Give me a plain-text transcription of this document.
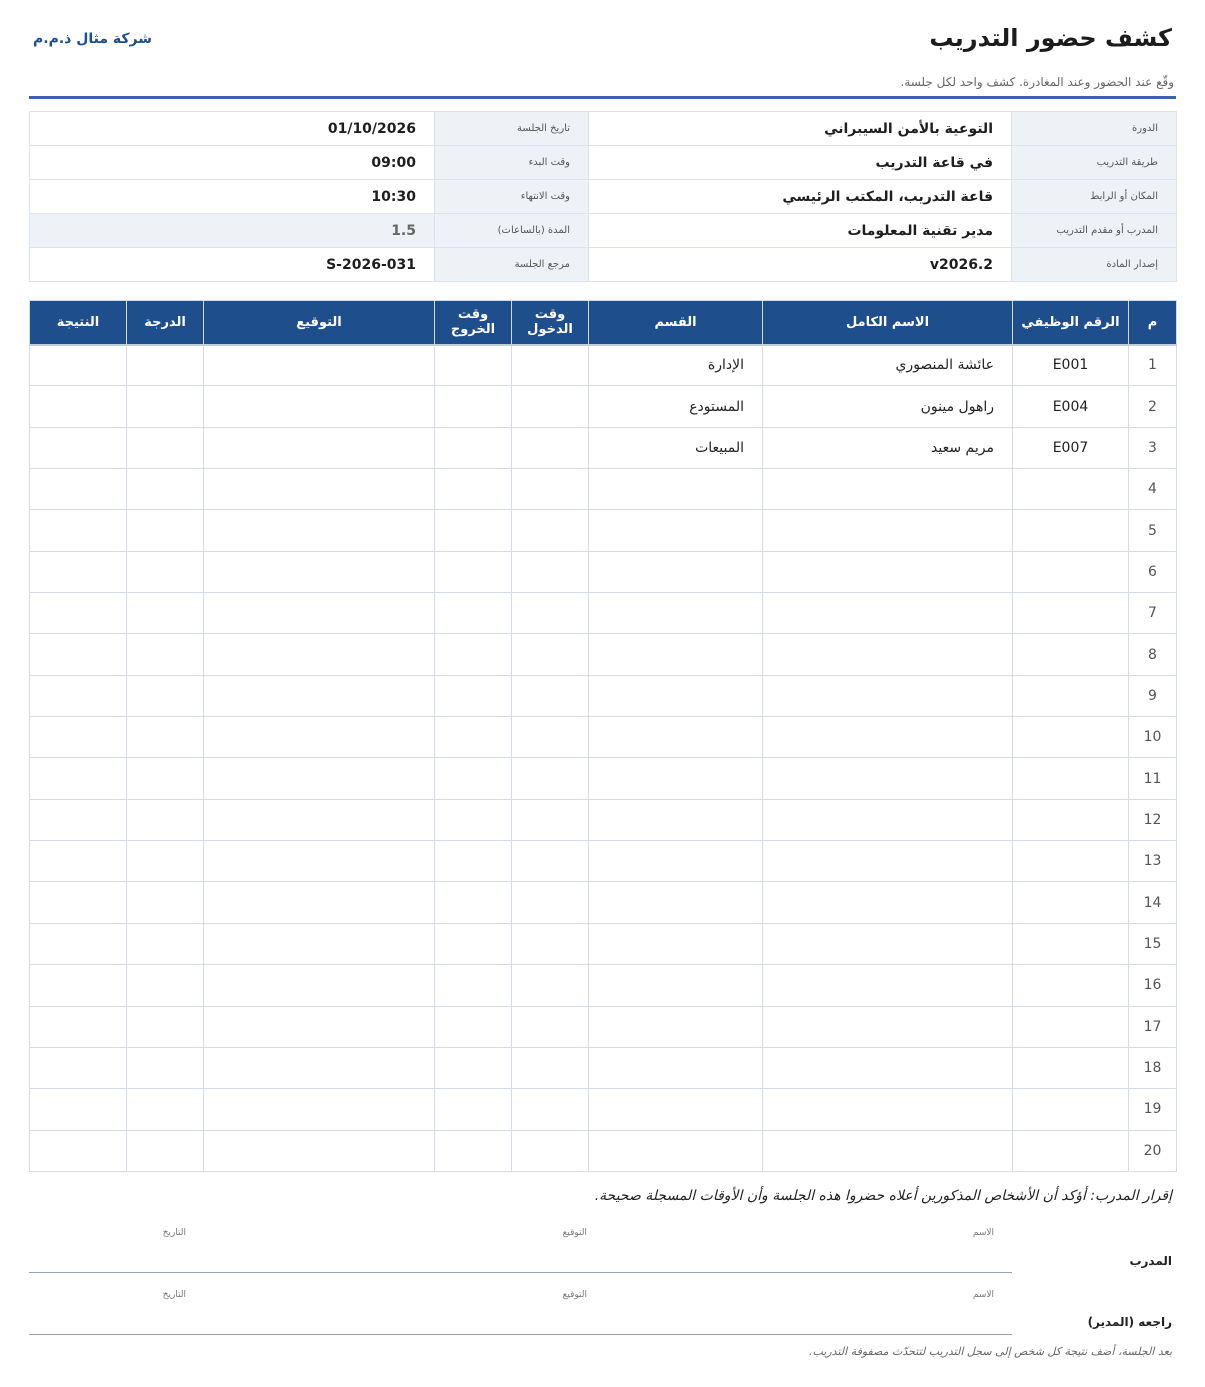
كشف حضور التدريب
شركة مثال ذ.م.م
وقّع عند الحضور وعند المغادرة. كشف واحد لكل جلسة.
الدورة	التوعية بالأمن السيبراني	تاريخ الجلسة	01/10/2026
طريقة التدريب	في قاعة التدريب	وقت البدء	09:00
المكان أو الرابط	قاعة التدريب، المكتب الرئيسي	وقت الانتهاء	10:30
المدرب أو مقدم التدريب	مدير تقنية المعلومات	المدة (بالساعات)	1.5
إصدار المادة	v2026.2	مرجع الجلسة	S-2026-031
م	الرقم الوظيفي	الاسم الكامل	القسم	وقت الدخول	وقت الخروج	التوقيع	الدرجة	النتيجة
1	E001	عائشة المنصوري	الإدارة					
2	E004	راهول مينون	المستودع					
3	E007	مريم سعيد	المبيعات					
4								
5								
6								
7								
8								
9								
10								
11								
12								
13								
14								
15								
16								
17								
18								
19								
20								
إقرار المدرب: أؤكد أن الأشخاص المذكورين أعلاه حضروا هذه الجلسة وأن الأوقات المسجلة صحيحة.
الاسم
التوقيع
التاريخ
المدرب
الاسم
التوقيع
التاريخ
راجعه (المدير)
بعد الجلسة، أضف نتيجة كل شخص إلى سجل التدريب لتتحدّث مصفوفة التدريب.
